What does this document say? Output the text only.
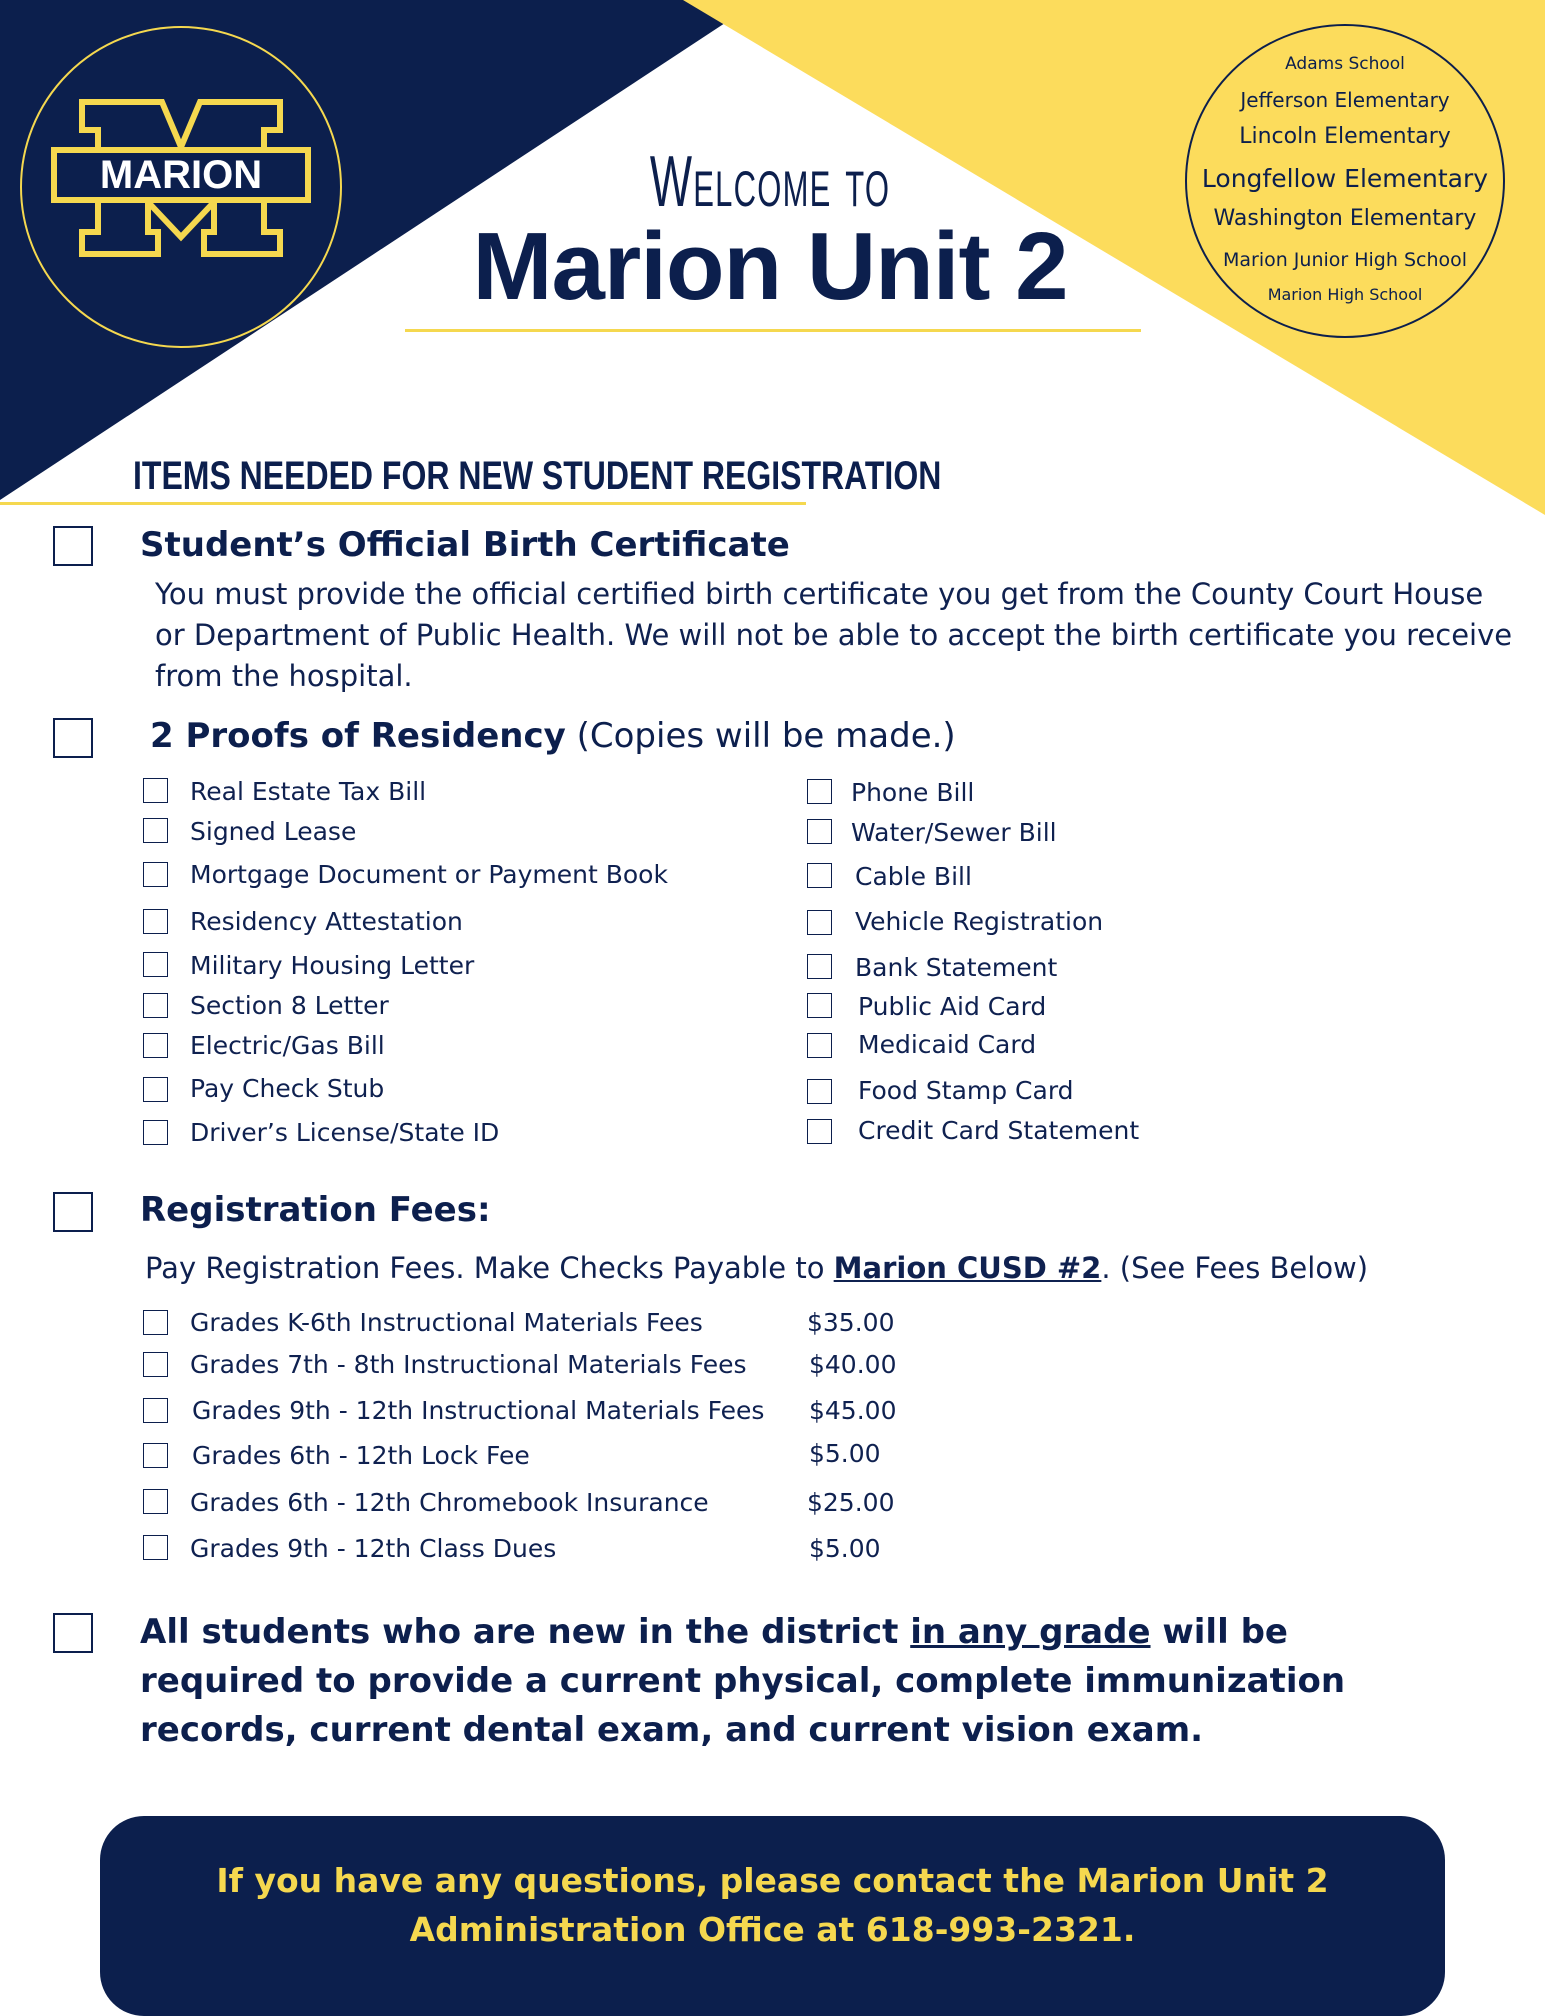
MARION
Adams School
Jefferson Elementary
Lincoln Elementary
Longfellow Elementary
Washington Elementary
Marion Junior High School
Marion High School
Welcome to
Marion Unit 2
ITEMS NEEDED FOR NEW STUDENT REGISTRATION
Student’s Official Birth Certificate
You must provide the official certified birth certificate you get from the County Court House or Department of Public Health. We will not be able to accept the birth certificate you receive from the hospital.
2 Proofs of Residency (Copies will be made.)
Real Estate Tax Bill
Signed Lease
Mortgage Document or Payment Book
Residency Attestation
Military Housing Letter
Section 8 Letter
Electric/Gas Bill
Pay Check Stub
Driver’s License/State ID
Phone Bill
Water/Sewer Bill
Cable Bill
Vehicle Registration
Bank Statement
Public Aid Card
Medicaid Card
Food Stamp Card
Credit Card Statement
Registration Fees:
Pay Registration Fees. Make Checks Payable to Marion CUSD #2. (See Fees Below)
Grades K-6th Instructional Materials Fees	$35.00
Grades 7th - 8th Instructional Materials Fees $40.00
Grades 9th - 12th Instructional Materials Fees $45.00
Grades 6th - 12th Lock Fee	$5.00
Grades 6th - 12th Chromebook Insurance	$25.00
Grades 9th - 12th Class Dues	$5.00
All students who are new in the district in any grade will be required to provide a current physical, complete immunization records, current dental exam, and current vision exam.
If you have any questions, please contact the Marion Unit 2 Administration Office at 618-993-2321.
